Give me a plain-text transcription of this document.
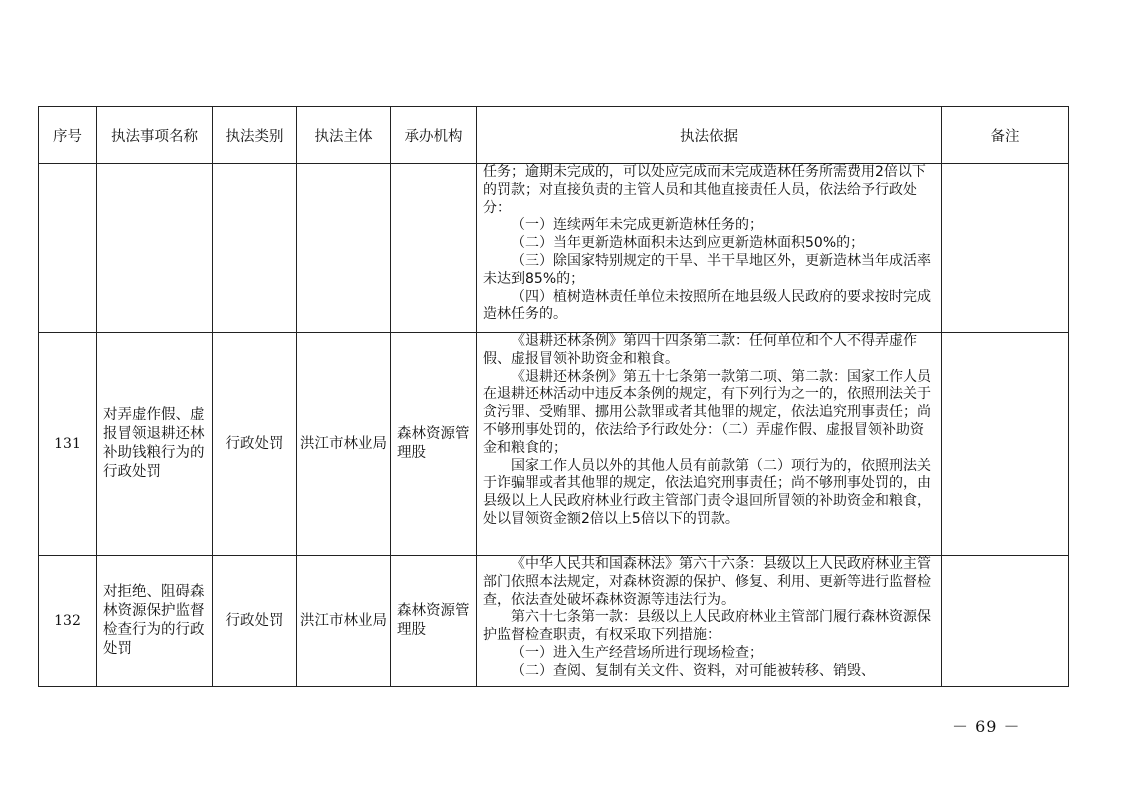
序号	执法事项名称	执法类别	执法主体	承办机构	执法依据	备注

					任务；逾期未完成的，可以处应完成而未完成造林任务所需费用2倍以下的罚款；对直接负责的主管人员和其他直接责任人员，依法给予行政处分：

（一）连续两年未完成更新造林任务的；

（二）当年更新造林面积未达到应更新造林面积50%的；

（三）除国家特别规定的干旱、半干旱地区外，更新造林当年成活率未达到85%的；

（四）植树造林责任单位未按照所在地县级人民政府的要求按时完成造林任务的。	

131	对弄虚作假、虚报冒领退耕还林补助钱粮行为的行政处罚	行政处罚	洪江市林业局	森林资源管理股	《退耕还林条例》第四十四条第二款：任何单位和个人不得弄虚作假、虚报冒领补助资金和粮食。

《退耕还林条例》第五十七条第一款第二项、第二款：国家工作人员在退耕还林活动中违反本条例的规定，有下列行为之一的，依照刑法关于贪污罪、受贿罪、挪用公款罪或者其他罪的规定，依法追究刑事责任；尚不够刑事处罚的，依法给予行政处分：（二）弄虚作假、虚报冒领补助资金和粮食的；

国家工作人员以外的其他人员有前款第（二）项行为的，依照刑法关于诈骗罪或者其他罪的规定，依法追究刑事责任；尚不够刑事处罚的，由县级以上人民政府林业行政主管部门责令退回所冒领的补助资金和粮食，处以冒领资金额2倍以上5倍以下的罚款。	

132	对拒绝、阻碍森林资源保护监督检查行为的行政处罚	行政处罚	洪江市林业局	森林资源管理股	《中华人民共和国森林法》第六十六条：县级以上人民政府林业主管部门依照本法规定，对森林资源的保护、修复、利用、更新等进行监督检查，依法查处破坏森林资源等违法行为。

第六十七条第一款：县级以上人民政府林业主管部门履行森林资源保护监督检查职责，有权采取下列措施：

（一）进入生产经营场所进行现场检查；

（二）查阅、复制有关文件、资料，对可能被转移、销毁、	

－ 69 －
